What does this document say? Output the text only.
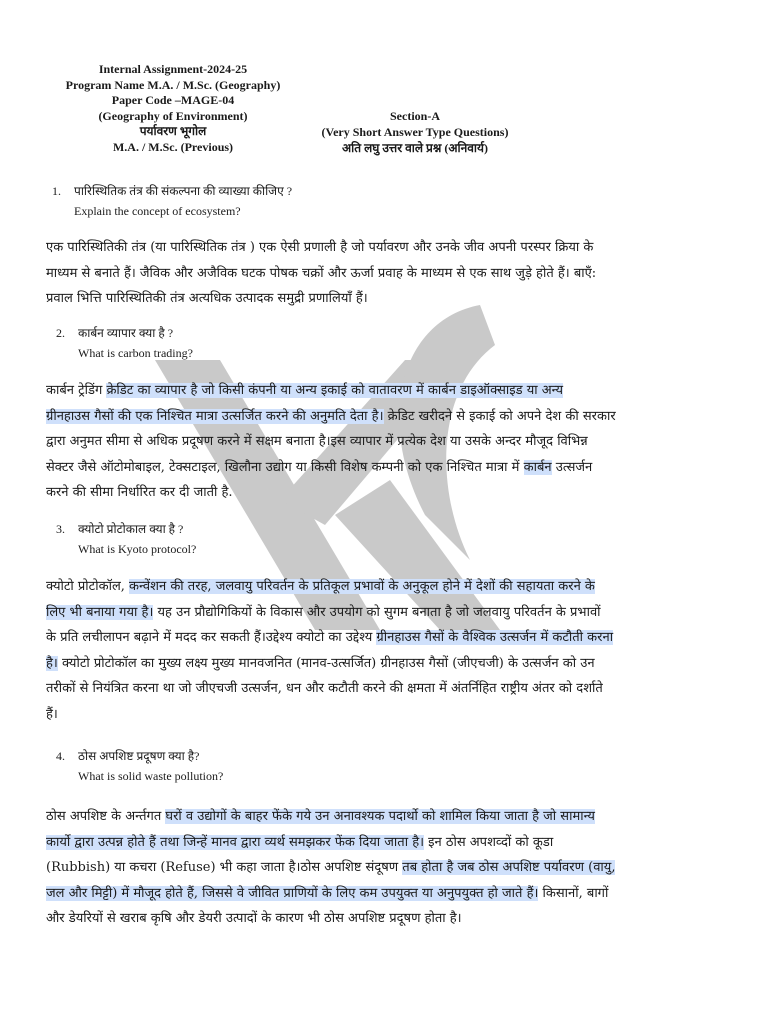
Internal Assignment-2024-25
Program Name M.A. / M.Sc. (Geography)
Paper Code –MAGE-04
(Geography of Environment)
पर्यावरण भूगोल
M.A. / M.Sc. (Previous)
Section-A
(Very Short Answer Type Questions)
अति लघु उत्तर वाले प्रश्न (अनिवार्य)
1. पारिस्थितिक तंत्र की संकल्पना की व्याख्या कीजिए ?
Explain the concept of ecosystem?
एक पारिस्थितिकी तंत्र (या पारिस्थितिक तंत्र ) एक ऐसी प्रणाली है जो पर्यावरण और उनके जीव अपनी परस्पर क्रिया के
माध्यम से बनाते हैं। जैविक और अजैविक घटक पोषक चक्रों और ऊर्जा प्रवाह के माध्यम से एक साथ जुड़े होते हैं। बाएँ:
प्रवाल भित्ति पारिस्थितिकी तंत्र अत्यधिक उत्पादक समुद्री प्रणालियाँ हैं।
2. कार्बन व्यापार क्या है ?
What is carbon trading?
कार्बन ट्रेडिंग क्रेडिट का व्यापार है जो किसी कंपनी या अन्य इकाई को वातावरण में कार्बन डाइऑक्साइड या अन्य
ग्रीनहाउस गैसों की एक निश्चित मात्रा उत्सर्जित करने की अनुमति देता है। क्रेडिट खरीदने से इकाई को अपने देश की सरकार
द्वारा अनुमत सीमा से अधिक प्रदूषण करने में सक्षम बनाता है।इस व्यापार में प्रत्येक देश या उसके अन्दर मौजूद विभिन्न
सेक्टर जैसे ऑटोमोबाइल, टेक्सटाइल, खिलौना उद्योग या किसी विशेष कम्पनी को एक निश्चित मात्रा में कार्बन उत्सर्जन
करने की सीमा निर्धारित कर दी जाती है.
3. क्योटो प्रोटोकाल क्या है ?
What is Kyoto protocol?
क्योटो प्रोटोकॉल, कन्वेंशन की तरह, जलवायु परिवर्तन के प्रतिकूल प्रभावों के अनुकूल होने में देशों की सहायता करने के
लिए भी बनाया गया है। यह उन प्रौद्योगिकियों के विकास और उपयोग को सुगम बनाता है जो जलवायु परिवर्तन के प्रभावों
के प्रति लचीलापन बढ़ाने में मदद कर सकती हैं।उद्देश्य क्योटो का उद्देश्य ग्रीनहाउस गैसों के वैश्विक उत्सर्जन में कटौती करना
है। क्योटो प्रोटोकॉल का मुख्य लक्ष्य मुख्य मानवजनित (मानव-उत्सर्जित) ग्रीनहाउस गैसों (जीएचजी) के उत्सर्जन को उन
तरीकों से नियंत्रित करना था जो जीएचजी उत्सर्जन, धन और कटौती करने की क्षमता में अंतर्निहित राष्ट्रीय अंतर को दर्शाते
हैं।
4. ठोस अपशिष्ट प्रदूषण क्या है?
What is solid waste pollution?
ठोस अपशिष्ट के अर्न्तगत घरों व उद्योगों के बाहर फेंके गये उन अनावश्यक पदार्थो को शामिल किया जाता है जो सामान्य
कार्यो द्वारा उत्पन्न होते हैं तथा जिन्हें मानव द्वारा व्यर्थ समझकर फेंक दिया जाता है। इन ठोस अपशव्दों को कूडा
(Rubbish) या कचरा (Refuse) भी कहा जाता है।ठोस अपशिष्ट संदूषण तब होता है जब ठोस अपशिष्ट पर्यावरण (वायु,
जल और मिट्टी) में मौजूद होते हैं, जिससे वे जीवित प्राणियों के लिए कम उपयुक्त या अनुपयुक्त हो जाते हैं। किसानों, बागों
और डेयरियों से खराब कृषि और डेयरी उत्पादों के कारण भी ठोस अपशिष्ट प्रदूषण होता है।
